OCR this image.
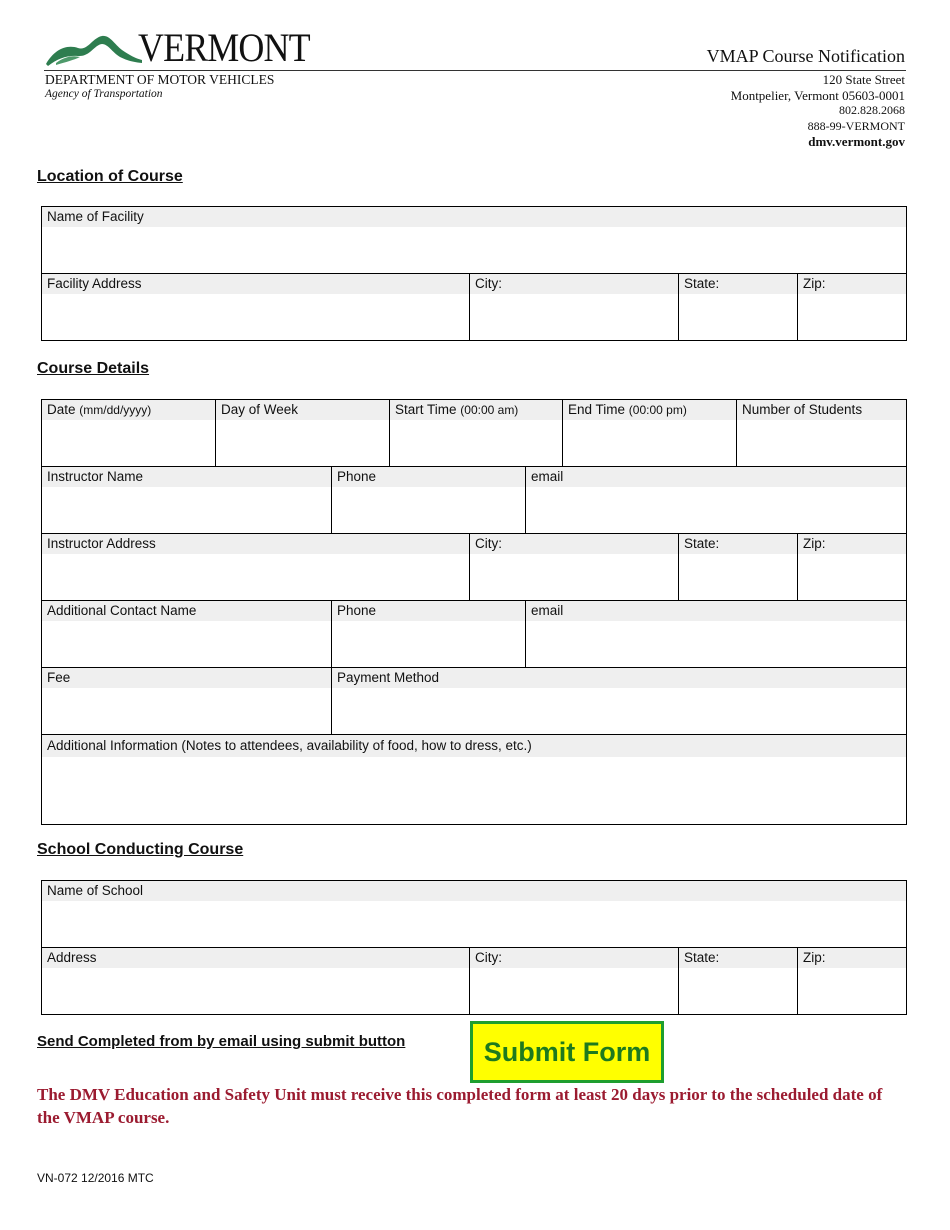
VERMONT
DEPARTMENT OF MOTOR VEHICLES
Agency of Transportation
VMAP Course Notification
120 State Street
Montpelier, Vermont 05603-0001
802.828.2068
888-99-VERMONT
dmv.vermont.gov
Location of Course
Name of Facility
Facility Address	City:	State:	Zip:
Course Details
Date (mm/dd/yyyy)	Day of Week	Start Time (00:00 am)	End Time (00:00 pm)	Number of Students
Instructor Name	Phone	email
Instructor Address	City:	State:	Zip:
Additional Contact Name	Phone	email
Fee	Payment Method
Additional Information (Notes to attendees, availability of food, how to dress, etc.)
School Conducting Course
Name of School
Address	City:	State:	Zip:
Send Completed from by email using submit button	Submit Form
The DMV Education and Safety Unit must receive this completed form at least 20 days prior to the scheduled date of the VMAP course.
VN-072 12/2016 MTC
